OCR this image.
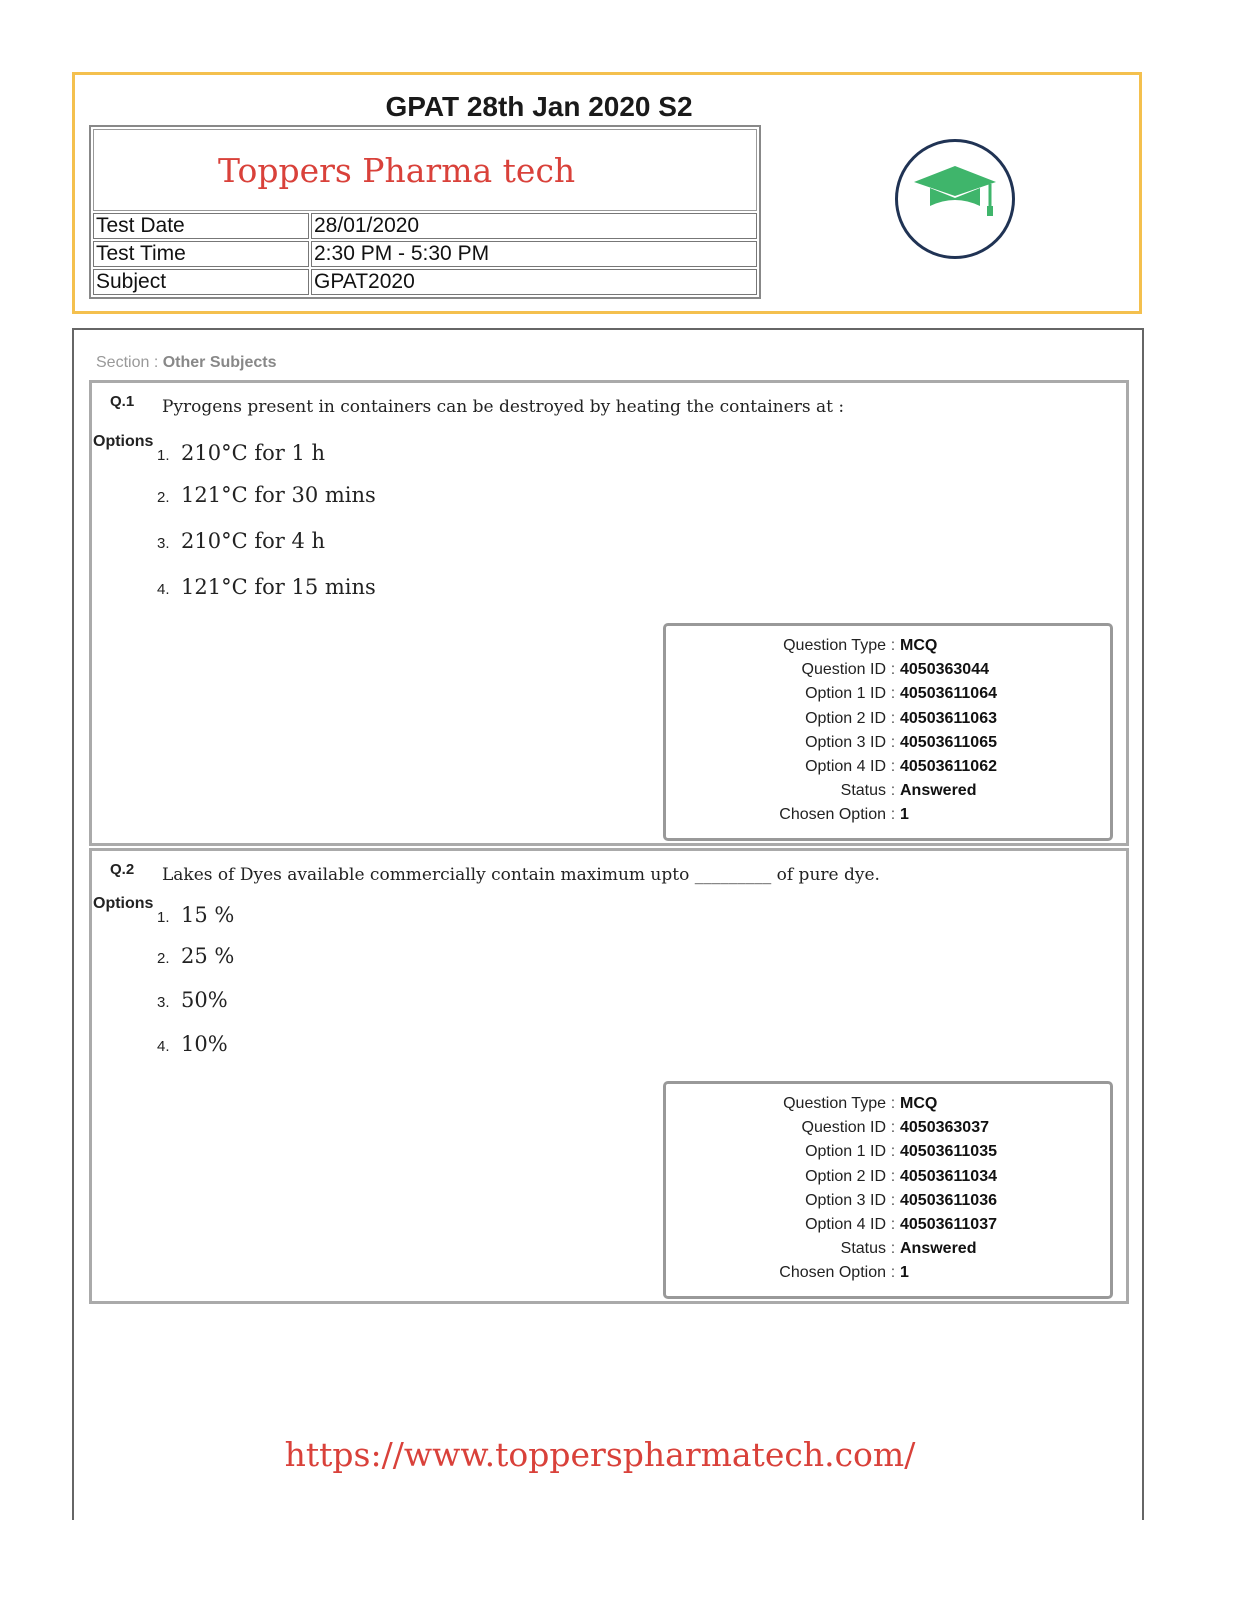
GPAT 28th Jan 2020 S2
Toppers Pharma tech	
Test Date	28/01/2020
Test Time	2:30 PM - 5:30 PM
Subject	GPAT2020
Section : Other Subjects
Q.1 Pyrogens present in containers can be destroyed by heating the containers at :
Options
1. 210°C for 1 h
2. 121°C for 30 mins
3. 210°C for 4 h
4. 121°C for 15 mins
Question Type : MCQ
Question ID : 4050363044
Option 1 ID : 40503611064
Option 2 ID : 40503611063
Option 3 ID : 40503611065
Option 4 ID : 40503611062
Status : Answered
Chosen Option : 1
Q.2 Lakes of Dyes available commercially contain maximum upto _________ of pure dye.
Options
1. 15 %
2. 25 %
3. 50%
4. 10%
Question Type : MCQ
Question ID : 4050363037
Option 1 ID : 40503611035
Option 2 ID : 40503611034
Option 3 ID : 40503611036
Option 4 ID : 40503611037
Status : Answered
Chosen Option : 1
https://www.topperspharmatech.com/
